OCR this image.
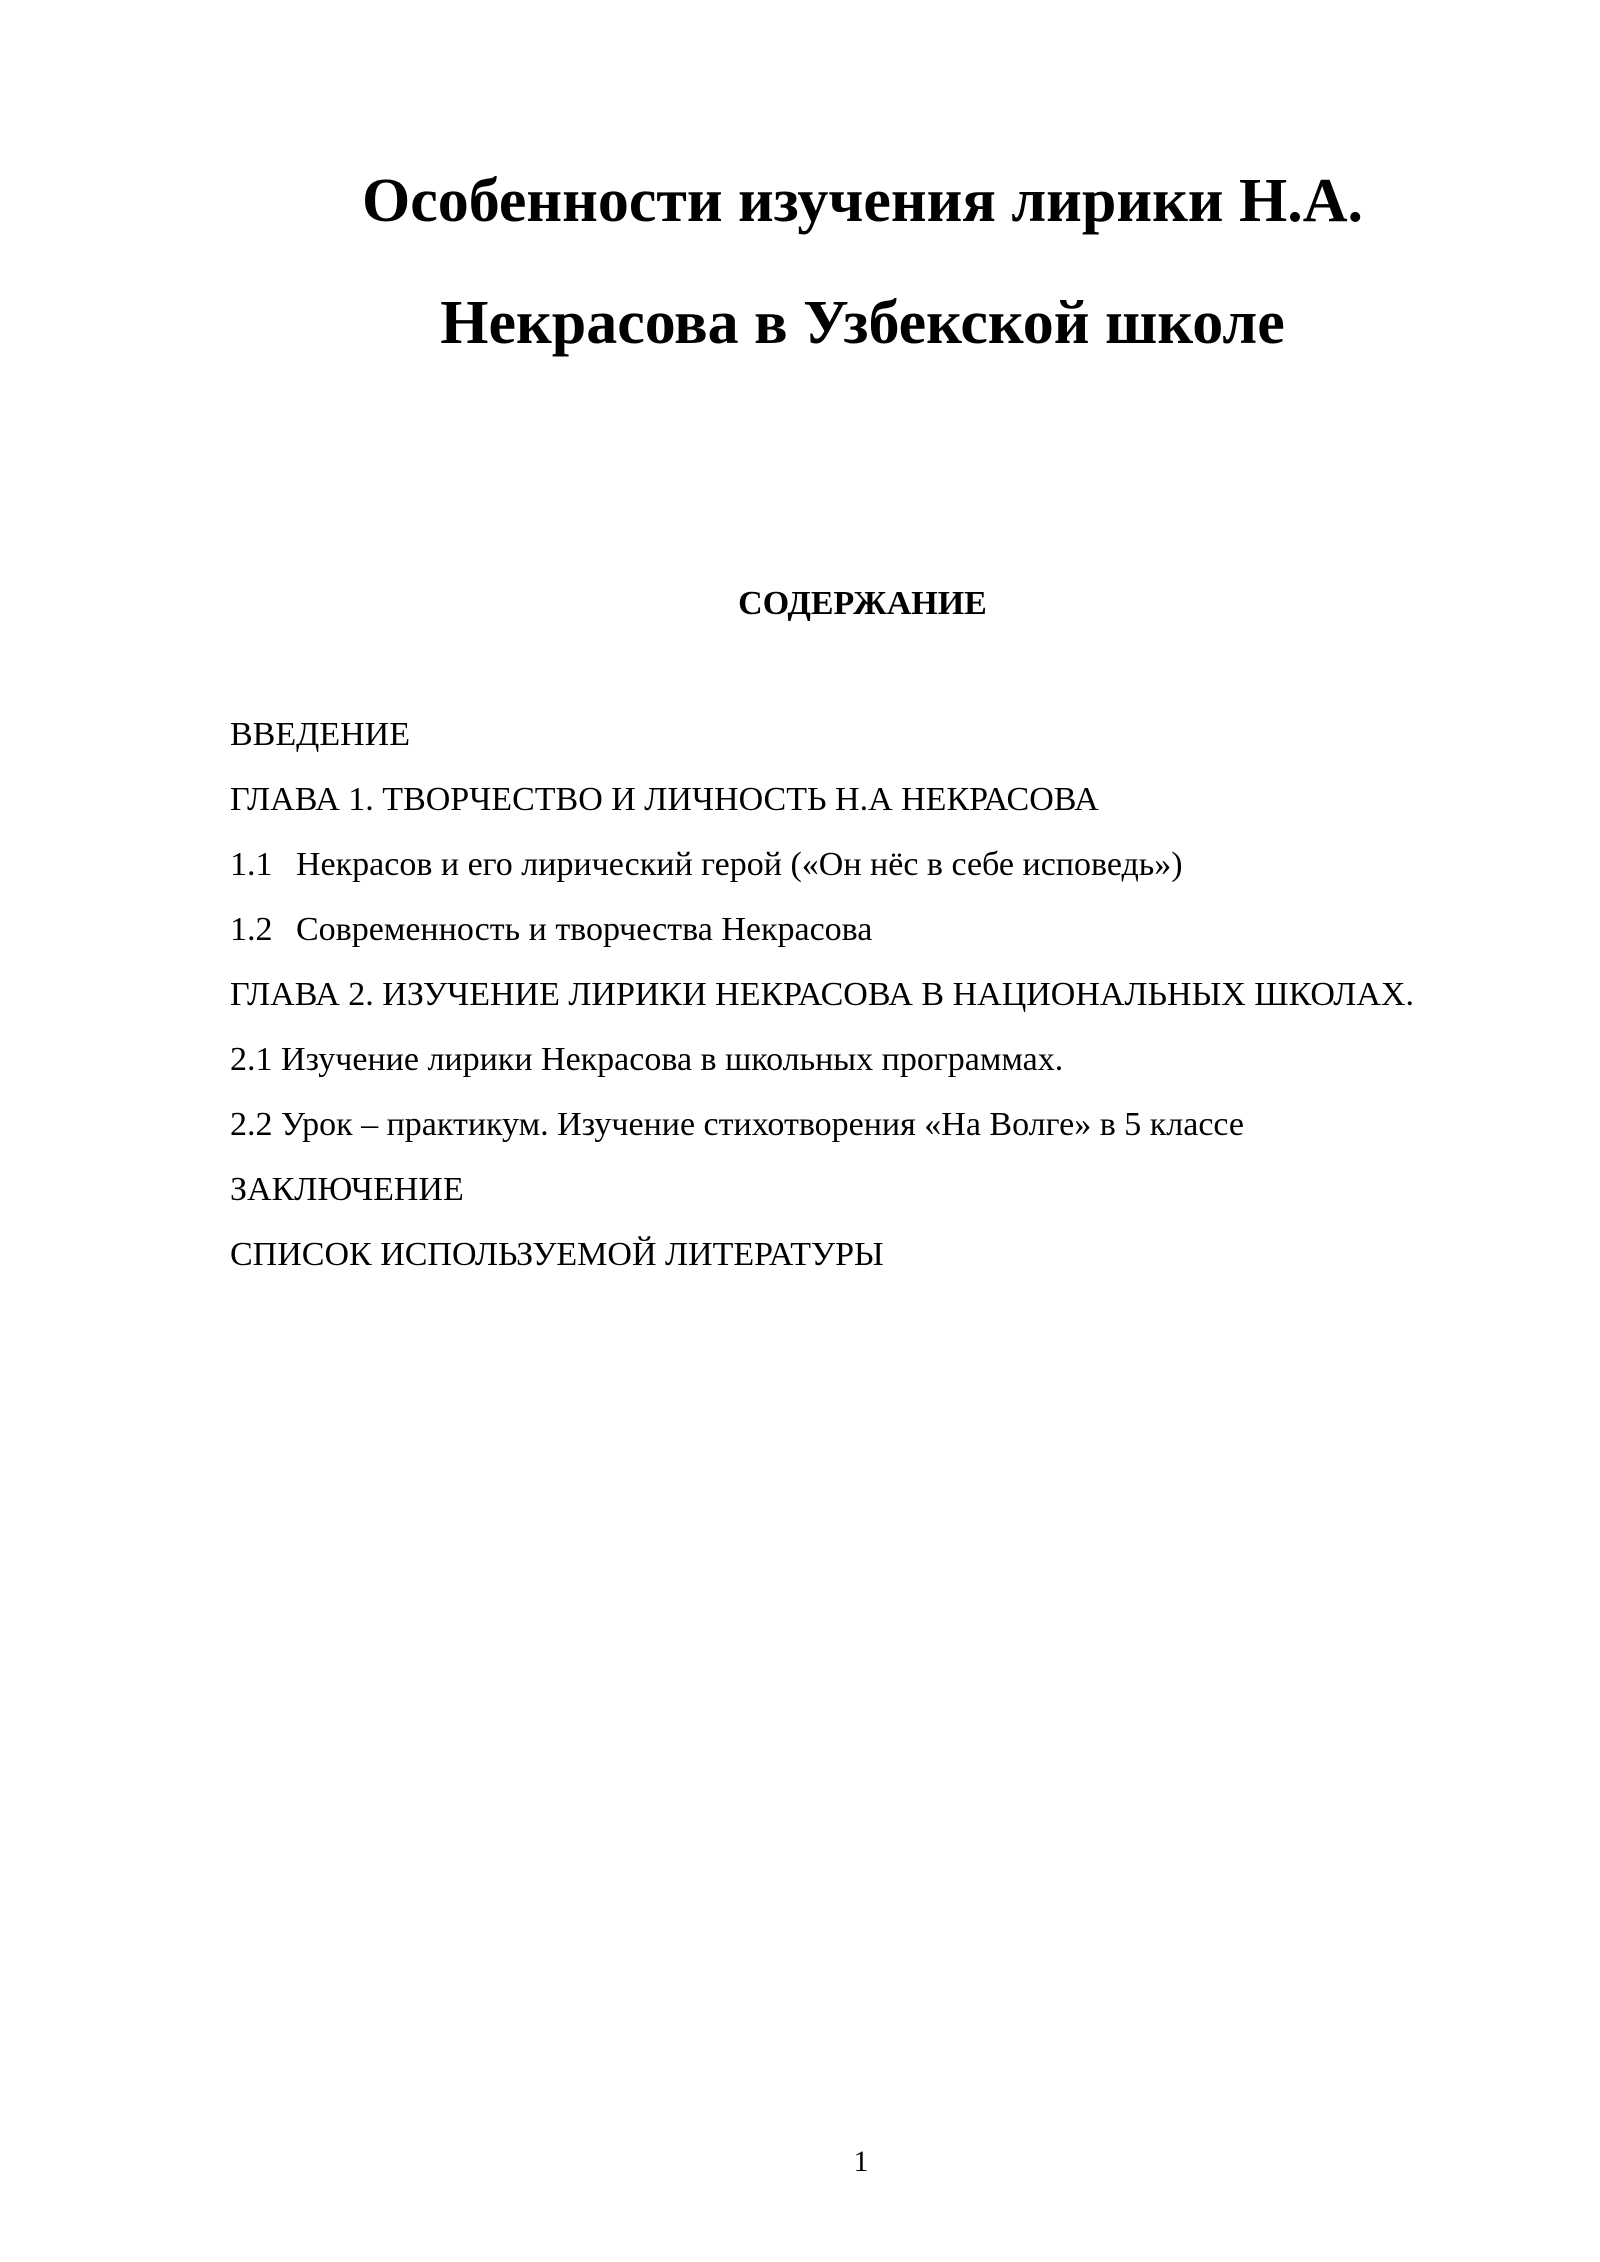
Особенности изучения лирики Н.А. Некрасова в Узбекской школе
СОДЕРЖАНИЕ
ВВЕДЕНИЕ
ГЛАВА 1. ТВОРЧЕСТВО И ЛИЧНОСТЬ Н.А НЕКРАСОВА
1.1 Некрасов и его лирический герой («Он нёс в себе исповедь»)
1.2 Современность и творчества Некрасова
ГЛАВА 2. ИЗУЧЕНИЕ ЛИРИКИ НЕКРАСОВА В НАЦИОНАЛЬНЫХ ШКОЛАХ.
2.1 Изучение лирики Некрасова в школьных программах.
2.2 Урок – практикум. Изучение стихотворения «На Волге» в 5 классе
ЗАКЛЮЧЕНИЕ
СПИСОК ИСПОЛЬЗУЕМОЙ ЛИТЕРАТУРЫ
1
